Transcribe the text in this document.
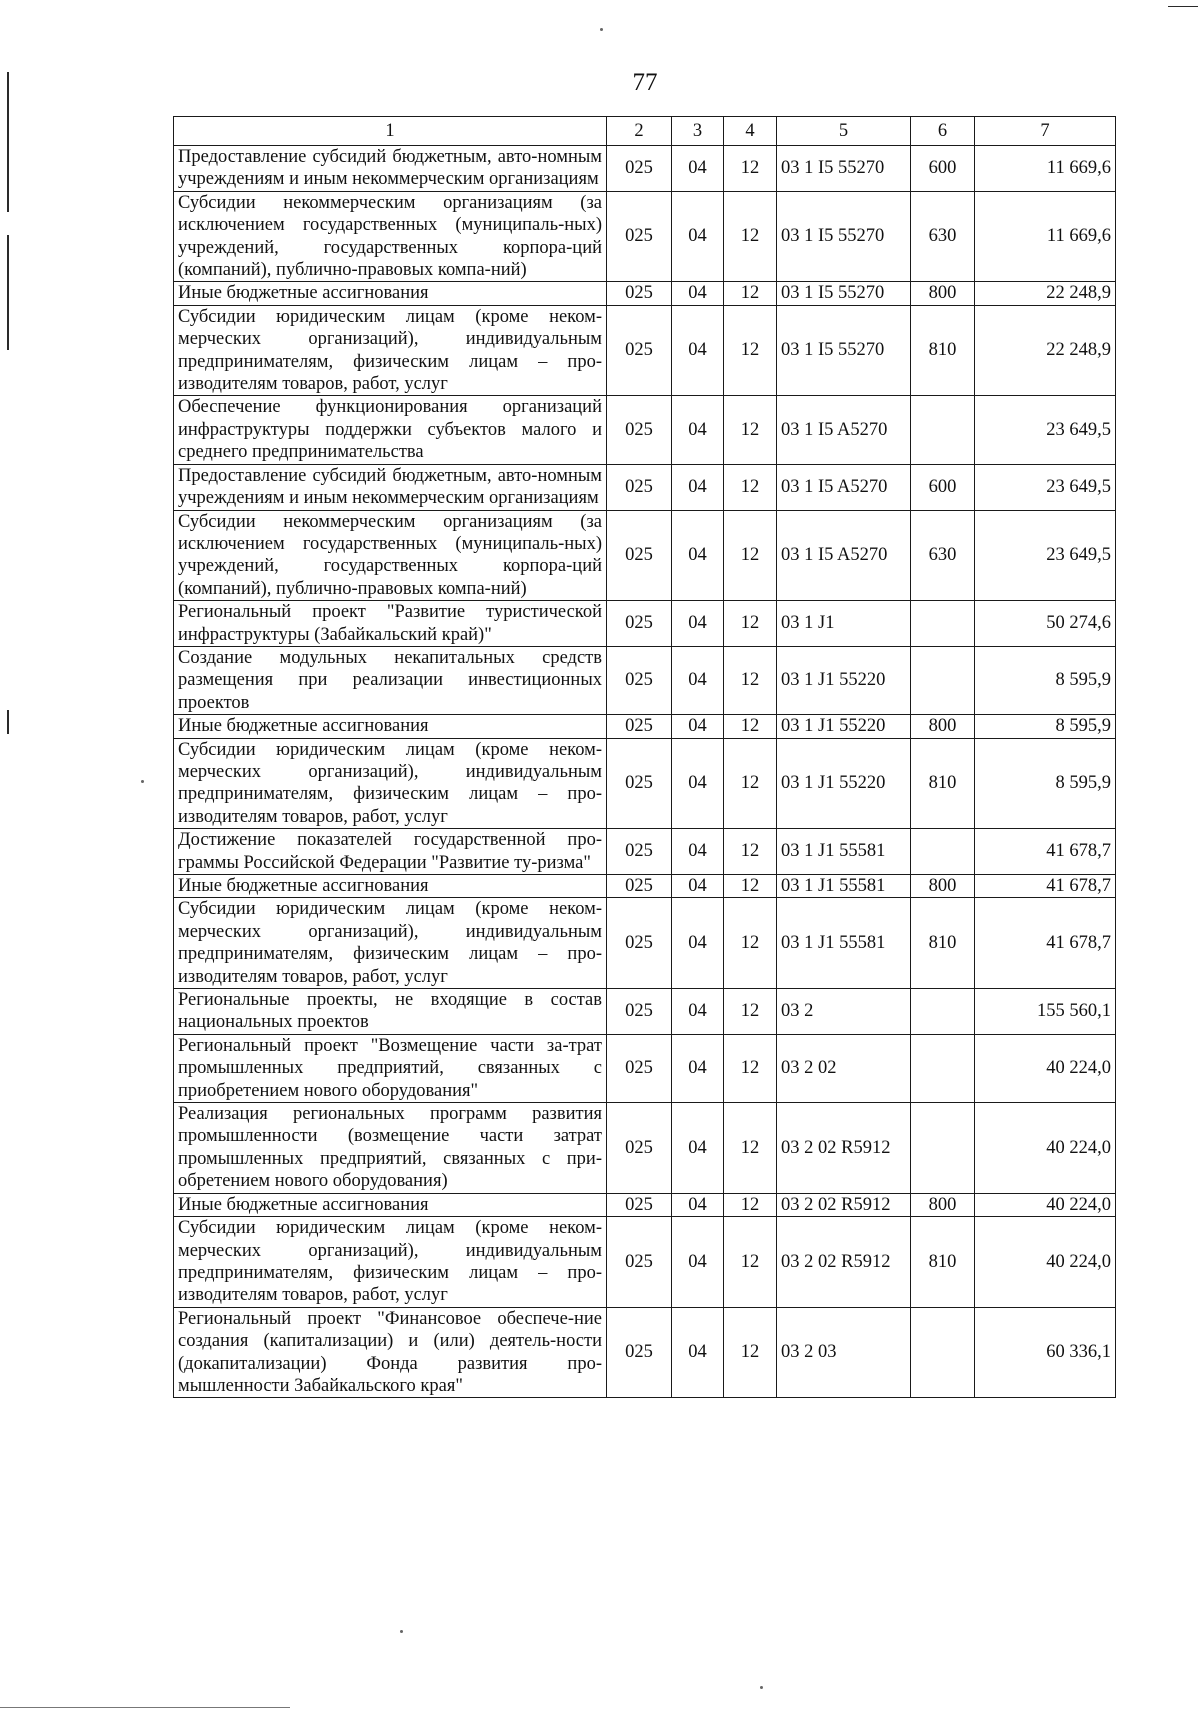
77
1	2	3	4	5	6	7
Предоставление субсидий бюджетным, авто-номным учреждениям и иным некоммерческим организациям	025	04	12	03 1 I5 55270	600	11 669,6
Субсидии некоммерческим организациям (за исключением государственных (муниципаль-ных) учреждений, государственных корпора-ций (компаний), публично-правовых компа-ний)	025	04	12	03 1 I5 55270	630	11 669,6
Иные бюджетные ассигнования	025	04	12	03 1 I5 55270	800	22 248,9
Субсидии юридическим лицам (кроме неком-мерческих организаций), индивидуальным предпринимателям, физическим лицам – про-изводителям товаров, работ, услуг	025	04	12	03 1 I5 55270	810	22 248,9
Обеспечение функционирования организаций инфраструктуры поддержки субъектов малого и среднего предпринимательства	025	04	12	03 1 I5 A5270		23 649,5
Предоставление субсидий бюджетным, авто-номным учреждениям и иным некоммерческим организациям	025	04	12	03 1 I5 A5270	600	23 649,5
Субсидии некоммерческим организациям (за исключением государственных (муниципаль-ных) учреждений, государственных корпора-ций (компаний), публично-правовых компа-ний)	025	04	12	03 1 I5 A5270	630	23 649,5
Региональный проект "Развитие туристической инфраструктуры (Забайкальский край)"	025	04	12	03 1 J1		50 274,6
Создание модульных некапитальных средств размещения при реализации инвестиционных проектов	025	04	12	03 1 J1 55220		8 595,9
Иные бюджетные ассигнования	025	04	12	03 1 J1 55220	800	8 595,9
Субсидии юридическим лицам (кроме неком-мерческих организаций), индивидуальным предпринимателям, физическим лицам – про-изводителям товаров, работ, услуг	025	04	12	03 1 J1 55220	810	8 595,9
Достижение показателей государственной про-граммы Российской Федерации "Развитие ту-ризма"	025	04	12	03 1 J1 55581		41 678,7
Иные бюджетные ассигнования	025	04	12	03 1 J1 55581	800	41 678,7
Субсидии юридическим лицам (кроме неком-мерческих организаций), индивидуальным предпринимателям, физическим лицам – про-изводителям товаров, работ, услуг	025	04	12	03 1 J1 55581	810	41 678,7
Региональные проекты, не входящие в состав национальных проектов	025	04	12	03 2		155 560,1
Региональный проект "Возмещение части за-трат промышленных предприятий, связанных с приобретением нового оборудования"	025	04	12	03 2 02		40 224,0
Реализация региональных программ развития промышленности (возмещение части затрат промышленных предприятий, связанных с при-обретением нового оборудования)	025	04	12	03 2 02 R5912		40 224,0
Иные бюджетные ассигнования	025	04	12	03 2 02 R5912	800	40 224,0
Субсидии юридическим лицам (кроме неком-мерческих организаций), индивидуальным предпринимателям, физическим лицам – про-изводителям товаров, работ, услуг	025	04	12	03 2 02 R5912	810	40 224,0
Региональный проект "Финансовое обеспече-ние создания (капитализации) и (или) деятель-ности (докапитализации) Фонда развития про-мышленности Забайкальского края"	025	04	12	03 2 03		60 336,1
